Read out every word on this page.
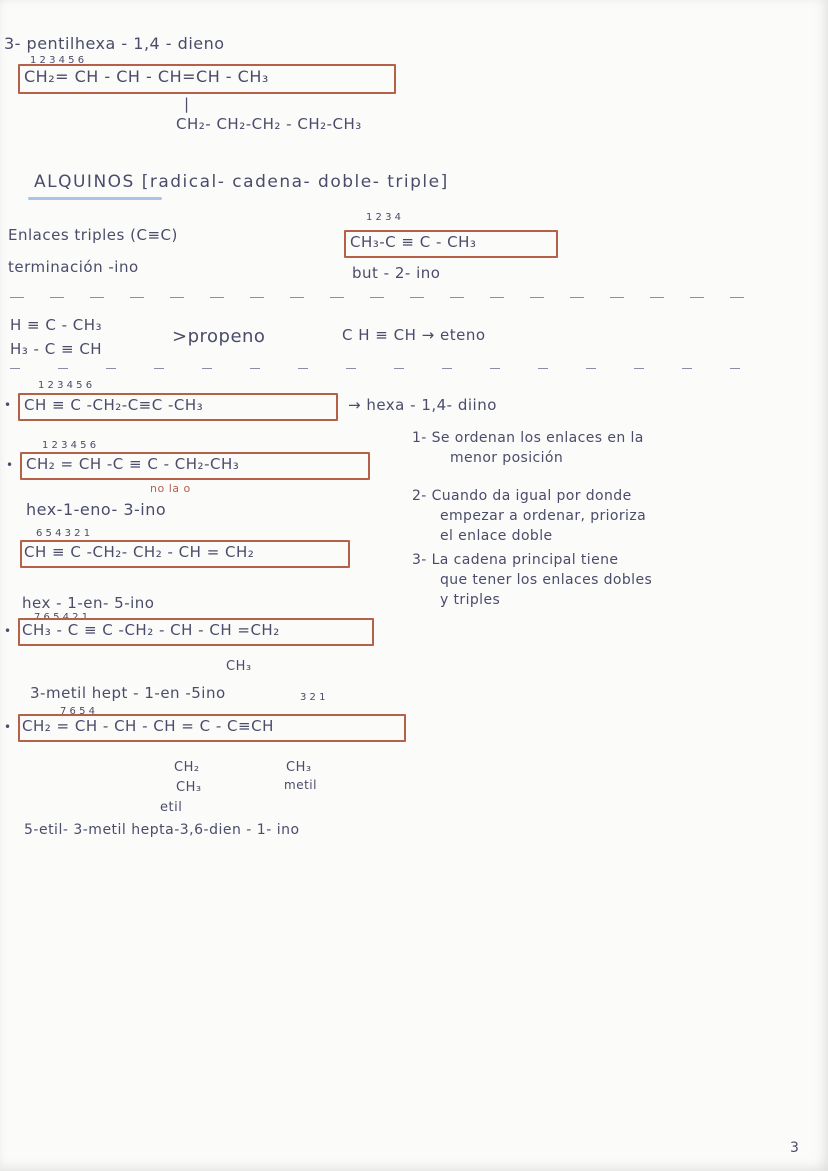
3- pentilhexa - 1,4 - dieno
1 2 3 4 5 6
CH₂= CH - CH - CH=CH - CH₃
|
CH₂- CH₂-CH₂ - CH₂-CH₃
ALQUINOS [radical- cadena- doble- triple]
Enlaces triples (C≡C)
terminación -ino
1 2 3 4
CH₃-C ≡ C - CH₃
but - 2- ino
H ≡ C - CH₃
H₃ - C ≡ CH
>propeno	C H ≡ CH → eteno
1 2 3 4 5 6
• CH ≡ C -CH₂-C≡C -CH₃	→ hexa - 1,4- diino
1 2 3 4 5 6
• CH₂ = CH -C ≡ C - CH₂-CH₃
no la o
hex-1-eno- 3-ino
6 5 4 3 2 1
CH ≡ C -CH₂- CH₂ - CH = CH₂
hex - 1-en- 5-ino
7 6 5 4 2 1
• CH₃ - C ≡ C -CH₂ - CH - CH =CH₂
CH₃
3-metil hept - 1-en -5ino	3 2 1
7 6 5 4
• CH₂ = CH - CH - CH = C - C≡CH
CH₂
CH₃
etil
CH₃
metil
5-etil- 3-metil hepta-3,6-dien - 1- ino
1- Se ordenan los enlaces en la
menor posición
2- Cuando da igual por donde
empezar a ordenar, prioriza
el enlace doble
3- La cadena principal tiene
que tener los enlaces dobles
y triples
3
